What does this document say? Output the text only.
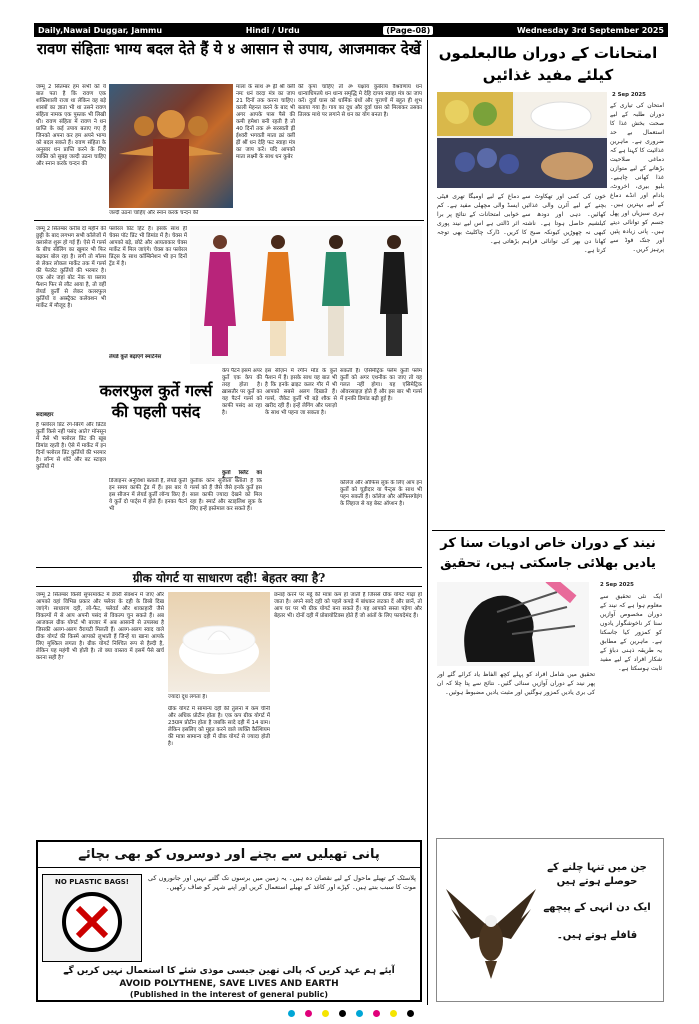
Daily,Nawai Duggar, Jammu	Hindi / Urdu	(Page-08)	Wednesday 3rd September 2025
रावण संहिताः भाग्य बदल देते हैं ये ४ आसान से उपाय, आजमाकर देखें
जम्मू 2 सितम्बर हम सभी को ये बात पता है कि रावण एक शक्तिशाली राजा था लेकिन वह बड़े शास्त्रों का ज्ञाता भी था उसने रावण संहिता नामक एक पुस्तक भी लिखी थी। रावण संहिता में रावण ने धन प्राप्ति के कई उपाय बताए गए हैं जिनको अपना कर हम अपने भाग्य को बदल सकते हैं। रावण संहिता के अनुसार धन प्राप्ति करने के लिए व्यक्ति को सुबह जल्दी उठना चाहिए और स्नान करके चन्दन की
माला के साथ ॐ ह्रीं श्रीं क्लीं नमः धनं वरदा मंत्र का जाप 21 दिनों तक करना चाहिए। काली मेहनत करने के बाद भी अगर आपके पास पैसे की कमी हमेशा बनी रहती है तो 40 दिनों तक ॐ सरस्वती ह्रीं ईश्वरी भगवती माता क्रां क्लीं ह्रीं श्रीं धन देहि फट स्वाहा मंत्र का जाप करें। यदि आपको माता लक्ष्मी के साथ धन कुबेर
की कृपा चाहिए तो ॐ यक्षाय कुबेराय वैश्रवणाय धन धान्याधिपतये धन धान्य समृद्धि मे देहि दापय स्वाहा मंत्र का जाप करें। दुर्वा घास को धार्मिक ग्रंथों और पुराणों में बहुत ही शुभ बताया गया है। गाय का दूध और दुर्वा घास को मिलाकर उसका तिलक माथे पर लगाने से धन का योग बनता है।
जल्दी उठना चाहिए और स्नान करके चन्दन की
जम्मू 2 सितम्बर करीब दो महीने की छुट्टी के बाद लगभग सभी कॉलेजों में क्लासेज शुरू हो गई हैं। ऐसे में गर्ल्स के बीच सीलिंग का खुमार भी फिर बढ़कर बोल रहा है। लगी तो मॉल्स से लेकर लोकल मार्केट तक में गर्ल्स की फेवरेट कुर्तियों की भरमार है। एक ओर जहां बोट नेक या फ़्लाय फैशन फिर से लौट आया है, तो वहीं लेयर्ड कुर्ती से लेकर कलरफुल कुर्तियों व अब्स्ट्रैक्ट कलेक्शन भी मार्केट में मौजूद है।
फ्लोरल प्रिंट हिट है। इसके साथ ही चेक्स पॉट प्रिंट भी डिमांड में है। चेक्स में आपको बड़े, छोटे और आयताकार चेक्स मार्केट में मिल जाएंगे। चेक्स का फ्लोरल प्रिंट्स के साथ कॉम्बिनेशन भी इन दिनों ट्रेंड में है।
लेयर्ड कुर्ते बढ़ाएंगे स्मार्टनेस
कलरफुल कुर्ते गर्ल्स की पहली पसंद
सदाबहार
है फ्लोरल प्रिंट रंग-बिरंगे और प्रिंटेड कुर्ती किसे नहीं पसंद आते? मॉनसून में तैसे भी फ्लोरल प्रिंट की खूब डिमांड रहती है। ऐसे में मार्केट में इन दिनों फ्लोरल प्रिंट कुर्तियों की भरमार है। लॉन्ग से शॉर्ट और बट स्टाइल कुर्तियों में
केप पैटर्न इसमें अपर कुर्ते एक केप की तरह होता है। ख़ासतौर पर कुर्ते का यह पैटर्न गर्ल्स को काफी पसंद आ रहा है।
इस सीज़न में रंगीन मोड के कुर्ते फैशन में हैं। इसके साथ यह बात भी है कि इनके ब्राइट कलर गौर में भी आपको सबसे अलग दिखाते हैं। गर्ल्स, जैकेट कुर्ती भी बड़े शौक से खरीद रही हैं। इन्हें लेगिंग और प्लाज़ो के साथ भी पहना जा सकता है।
सकती है। एसिमेट्रिक फ्लेम कुर्ती फ्लेम कुर्ती को अगर एथनीक का जाए तो यह गलत नहीं होगा। यह एसिमेट्रिक ऑवरसाइज़ होते हैं और इस बार भी गर्ल्स में इनकी डिमांड बढ़ी हुई है।
डिजाइनर अनुविशा बताती हैं, लेयर्ड कुर्ती इन समय काफी ट्रेंड में हैं। इस बार ये इस सीजन में लेयर्ड कुर्ती लॉन्च किए हैं। ये कुर्ते दो पार्ट्स में होते हैं। इनका पैटर्न भी
कुर्तीक कोन सुजाता बताती हैं कि गर्ल्स को हैं जैसे जैसे इनके कुर्ते इस साल काफी ज्यादा देखने को मिल रहा है। स्मार्ट और स्टाइलिश लुक के लिए इन्हें इस्तेमाल कर सकते हैं।
कुर्ता स्लिट का
कॉलेज और ऑफिस लुक के लिए आप इन कुर्तों को चूड़ीदार या पैन्ट्स के साथ भी पहन सकती हैं। कॉलेज और ऑफिसगोइंग के लिहाज से यह बेस्ट ऑप्शन है।
ग्रीक योगर्ट या साधारण दही! बेहतर क्या है?
जम्मू 2 सितम्बर किसी सुपरमार्केट में डेयरी सेक्शन में जाएं और आपको वहां विभिन्न प्रकार और फ्लेवर के दही के डिब्बे दिख जाएंगे। साधारण दही, लो-फैट, फ्लेवर्ड और शाकाहारी जैसे विकल्पों में से आप अपनी पसंद से विकल्प चुन सकते हैं। अब आजकल ग्रीक योगर्ट भी बाजार में अब आसानी से उपलब्ध है जिसकी अलग-अलग वैरायटी मिलती हैं। अलग-अलग स्वाद वाले ग्रीक योगर्ट की किस्में आपको लुभाती हैं जिन्हें या खाना आपके लिए मुश्किल लगता है। ग्रीक योगर्ट निश्चित रूप से हैल्दी है, लेकिन यह महंगी भी होती है। तो क्या वास्तव में इसमें पैसे खर्च करना सही है?
ज्यादा दूध लगता है।
ग्रीक योगर्ट में सामान्य दही की तुलना में कम चीनी और अधिक प्रोटीन होता है। एक कप ग्रीक योगर्ट में 23ग्राम प्रोटीन होता है जबकि सादे दही में 14 ग्राम। लेकिन इसलिए को मुद्दत करने वाले व्यक्ति कैल्शियम की मात्रा सामान्य दही में ग्रीक योगर्ट से ज्यादा होती है।
छनाई करने पर मट्ठे की मात्रा कम हो जाती है जिससे ग्रीक योगर्ट गाढ़ा हो जाता है। अपने सादे दही को पहले कपड़े में बांधकर लटका दें और छानें, तो आप घर पर भी ग्रीक योगर्ट बना सकते हैं। यह आपको सस्ता पड़ेगा और बेहतर भी। दोनों दही में प्रोबायोटिक्स होते हैं जो आंतों के लिए फायदेमंद हैं।
پانی تھیلیں سے بچنے اور دوسروں کو بھی بچائے
NO PLASTIC BAGS!	پلاسٹک کے تھیلے ماحول کے لیے نقصان دہ ہیں۔ یہ زمین میں برسوں تک گلتے نہیں اور جانوروں کی موت کا سبب بنتے ہیں۔ کپڑے اور کاغذ کے تھیلے استعمال کریں اور اپنے شہر کو صاف رکھیں۔
آیئے ہم عہد کریں کہ پالی تھین جیسی موذی شئے کا استعمال نہیں کریں گے
AVOID POLYTHENE, SAVE LIVES AND EARTH
(Published in the interest of general public)
امتحانات کے دوران طالبعلموں کیلئے مفید غذائیں
2 Sep 2025
امتحان کی تیاری کے دوران طلبہ کے لیے صحت بخش غذا کا استعمال بے حد ضروری ہے۔ ماہرین غذائیت کا کہنا ہے کہ دماغی صلاحیت بڑھانے کے لیے متوازن غذا کھانی چاہیے۔ بلیو بیری، اخروٹ، بادام اور انڈے دماغ کے لیے بہترین ہیں۔ ہری سبزیاں اور پھل جسم کو توانائی دیتے ہیں۔ پانی زیادہ پئیں اور جنک فوڈ سے پرہیز کریں۔
خون کی کمی اور تھکاوٹ سے بچنے کے لیے آئرن والی غذائیں کھائیں۔ دہی اور دودھ سے کیلشیم حاصل ہوتا ہے۔ ناشتہ کبھی نہ چھوڑیں کیونکہ صبح کا کھانا دن بھر کی توانائی فراہم کرتا ہے۔
دماغ کے لیے اومیگا تھری فیٹی ایسڈ والی مچھلی مفید ہے۔ کم خوابی امتحانات کے نتائج پر برا اثر ڈالتی ہے اس لیے نیند پوری کریں۔ ڈارک چاکلیٹ بھی توجہ بڑھاتی ہے۔
نیند کے دوران خاص ادویات سنا کر یادیں بھلائی جاسکتی ہیں، تحقیق
2 Sep 2025
ایک نئی تحقیق سے معلوم ہوا ہے کہ نیند کے دوران مخصوص آوازیں سنا کر ناخوشگوار یادوں کو کمزور کیا جاسکتا ہے۔ ماہرین کے مطابق یہ طریقہ ذہنی دباؤ کے شکار افراد کے لیے مفید ثابت ہوسکتا ہے۔
تحقیق میں شامل افراد کو پہلے کچھ الفاظ یاد کرائے گئے اور پھر نیند کے دوران آوازیں سنائی گئیں۔ نتائج سے پتا چلا کہ ان کی بری یادیں کمزور ہوگئیں اور مثبت یادیں مضبوط ہوئیں۔
جن میں تنہا چلنے کے حوصلے ہوتے ہیں
ایک دن انہی کے پیچھے
قافلے ہوتے ہیں۔
